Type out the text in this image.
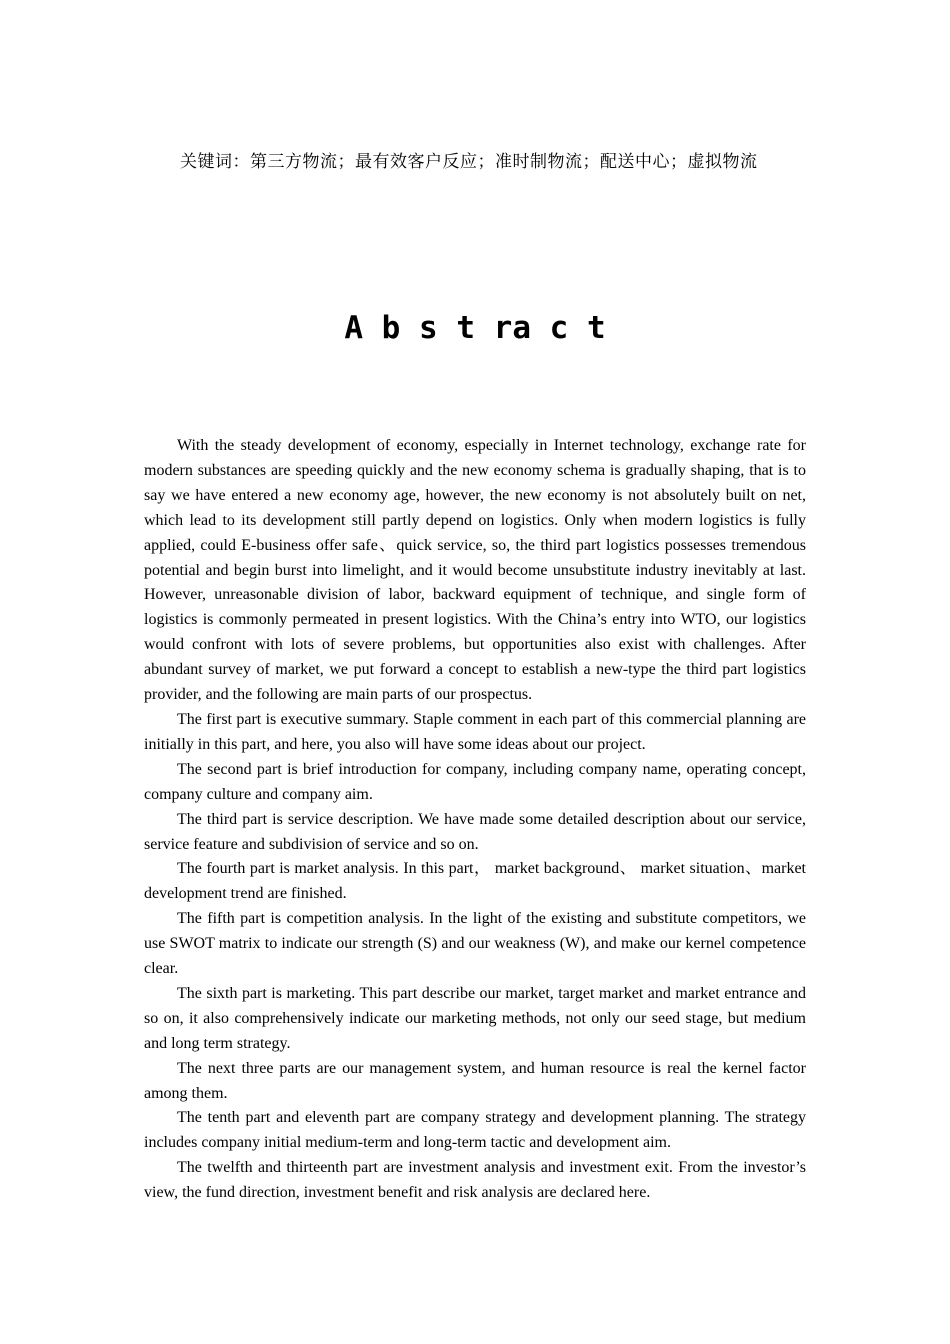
关键词：第三方物流；最有效客户反应；准时制物流；配送中心；虚拟物流
A b s t ra c t

With the steady development of economy, especially in Internet technology, exchange rate for modern substances are speeding quickly and the new economy schema is gradually shaping, that is to say we have entered a new economy age, however, the new economy is not absolutely built on net, which lead to its development still partly depend on logistics. Only when modern logistics is fully applied, could E-business offer safe、quick service, so, the third part logistics possesses tremendous potential and begin burst into limelight, and it would become unsubstitute industry inevitably at last. However, unreasonable division of labor, backward equipment of technique, and single form of logistics is commonly permeated in present logistics. With the China’s entry into WTO, our logistics would confront with lots of severe problems, but opportunities also exist with challenges. After abundant survey of market, we put forward a concept to establish a new-type the third part logistics provider, and the following are main parts of our prospectus.

The first part is executive summary. Staple comment in each part of this commercial planning are initially in this part, and here, you also will have some ideas about our project.

The second part is brief introduction for company, including company name, operating concept, company culture and company aim.

The third part is service description. We have made some detailed description about our service, service feature and subdivision of service and so on.

The fourth part is market analysis. In this part， market background、 market situation、market development trend are finished.

The fifth part is competition analysis. In the light of the existing and substitute competitors, we use SWOT matrix to indicate our strength (S) and our weakness (W), and make our kernel competence clear.

The sixth part is marketing. This part describe our market, target market and market entrance and so on, it also comprehensively indicate our marketing methods, not only our seed stage, but medium and long term strategy.

The next three parts are our management system, and human resource is real the kernel factor among them.

The tenth part and eleventh part are company strategy and development planning. The strategy includes company initial medium-term and long-term tactic and development aim.

The twelfth and thirteenth part are investment analysis and investment exit. From the investor’s view, the fund direction, investment benefit and risk analysis are declared here.
